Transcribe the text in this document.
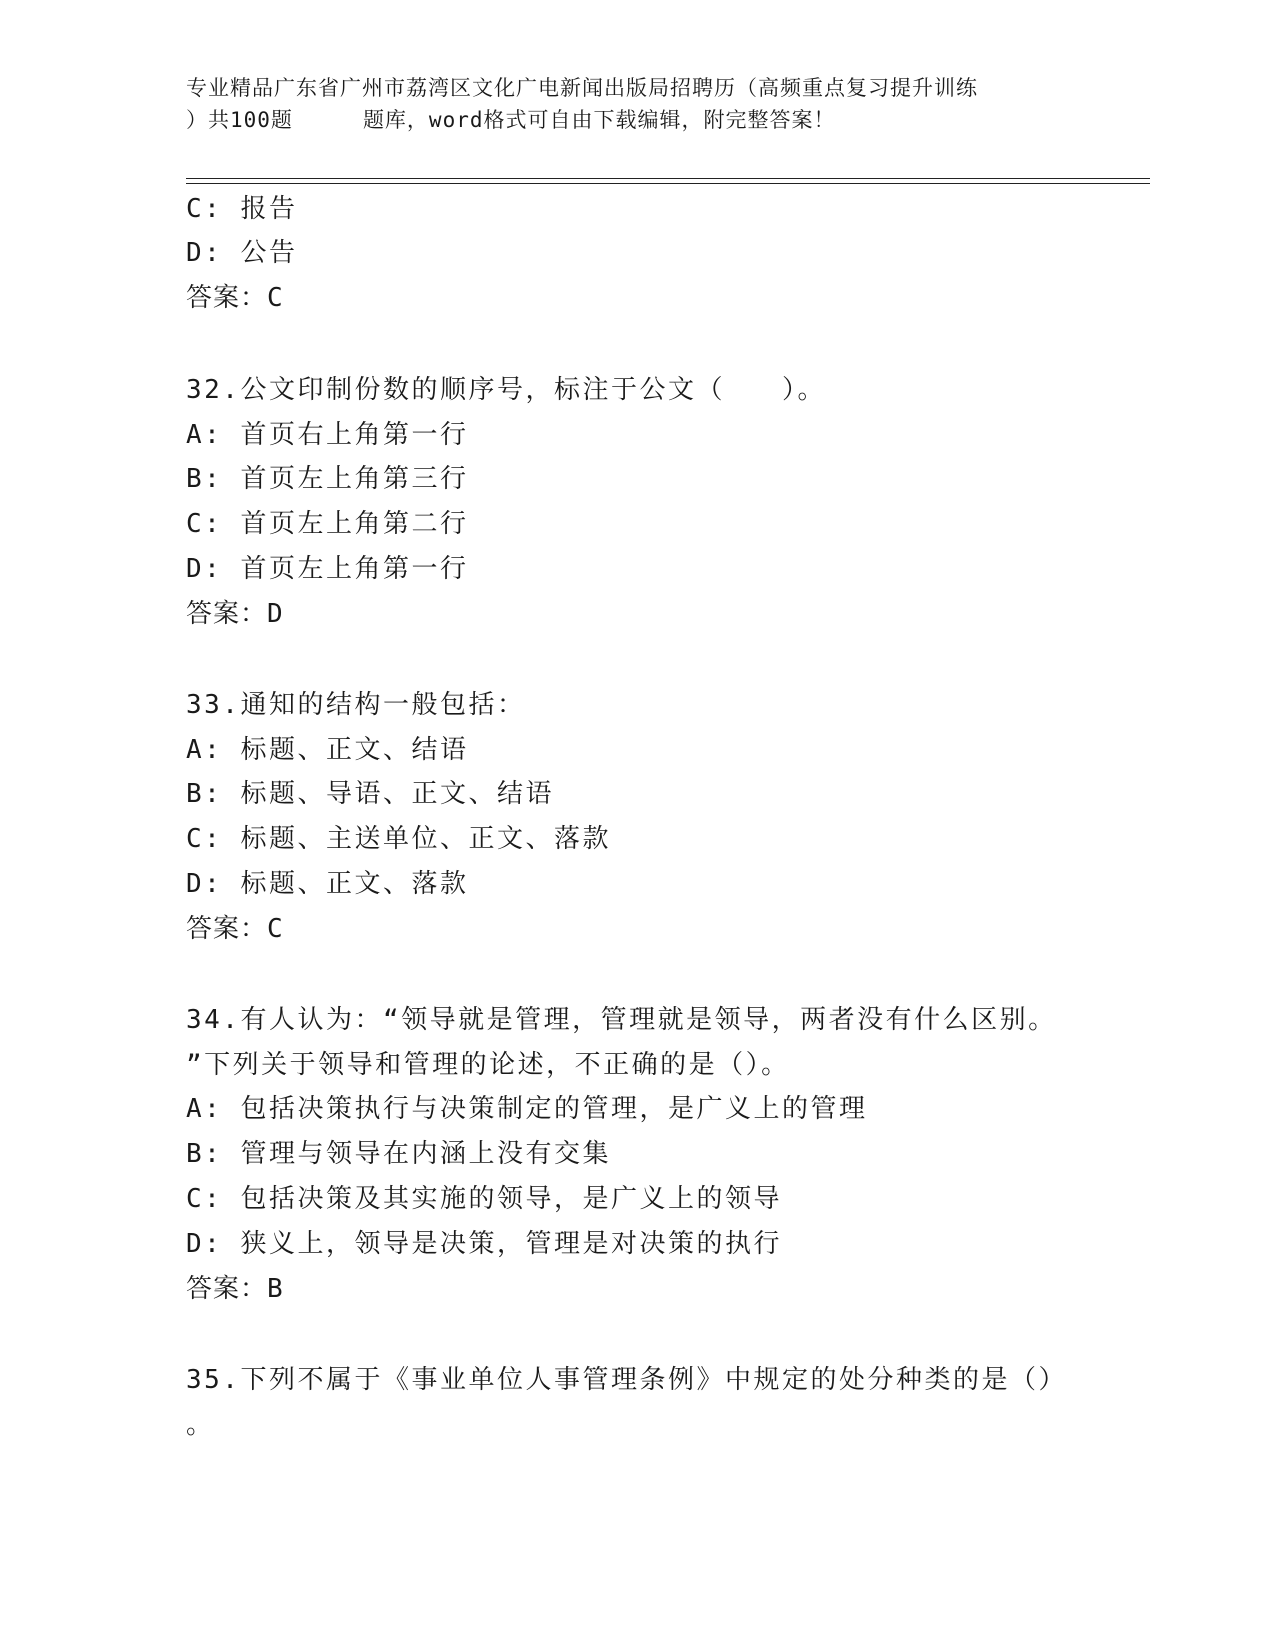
专业精品广东省广州市荔湾区文化广电新闻出版局招聘历（高频重点复习提升训练
）共100题	题库，word格式可自由下载编辑，附完整答案！
C: 报告
D: 公告
答案：C
32.公文印制份数的顺序号，标注于公文（　　）。
A: 首页右上角第一行
B: 首页左上角第三行
C: 首页左上角第二行
D: 首页左上角第一行
答案：D
33.通知的结构一般包括：
A: 标题、正文、结语
B: 标题、导语、正文、结语
C: 标题、主送单位、正文、落款
D: 标题、正文、落款
答案：C
34.有人认为：“领导就是管理，管理就是领导，两者没有什么区别。
”下列关于领导和管理的论述，不正确的是（）。
A: 包括决策执行与决策制定的管理，是广义上的管理
B: 管理与领导在内涵上没有交集
C: 包括决策及其实施的领导，是广义上的领导
D: 狭义上，领导是决策，管理是对决策的执行
答案：B
35.下列不属于《事业单位人事管理条例》中规定的处分种类的是（）
。
